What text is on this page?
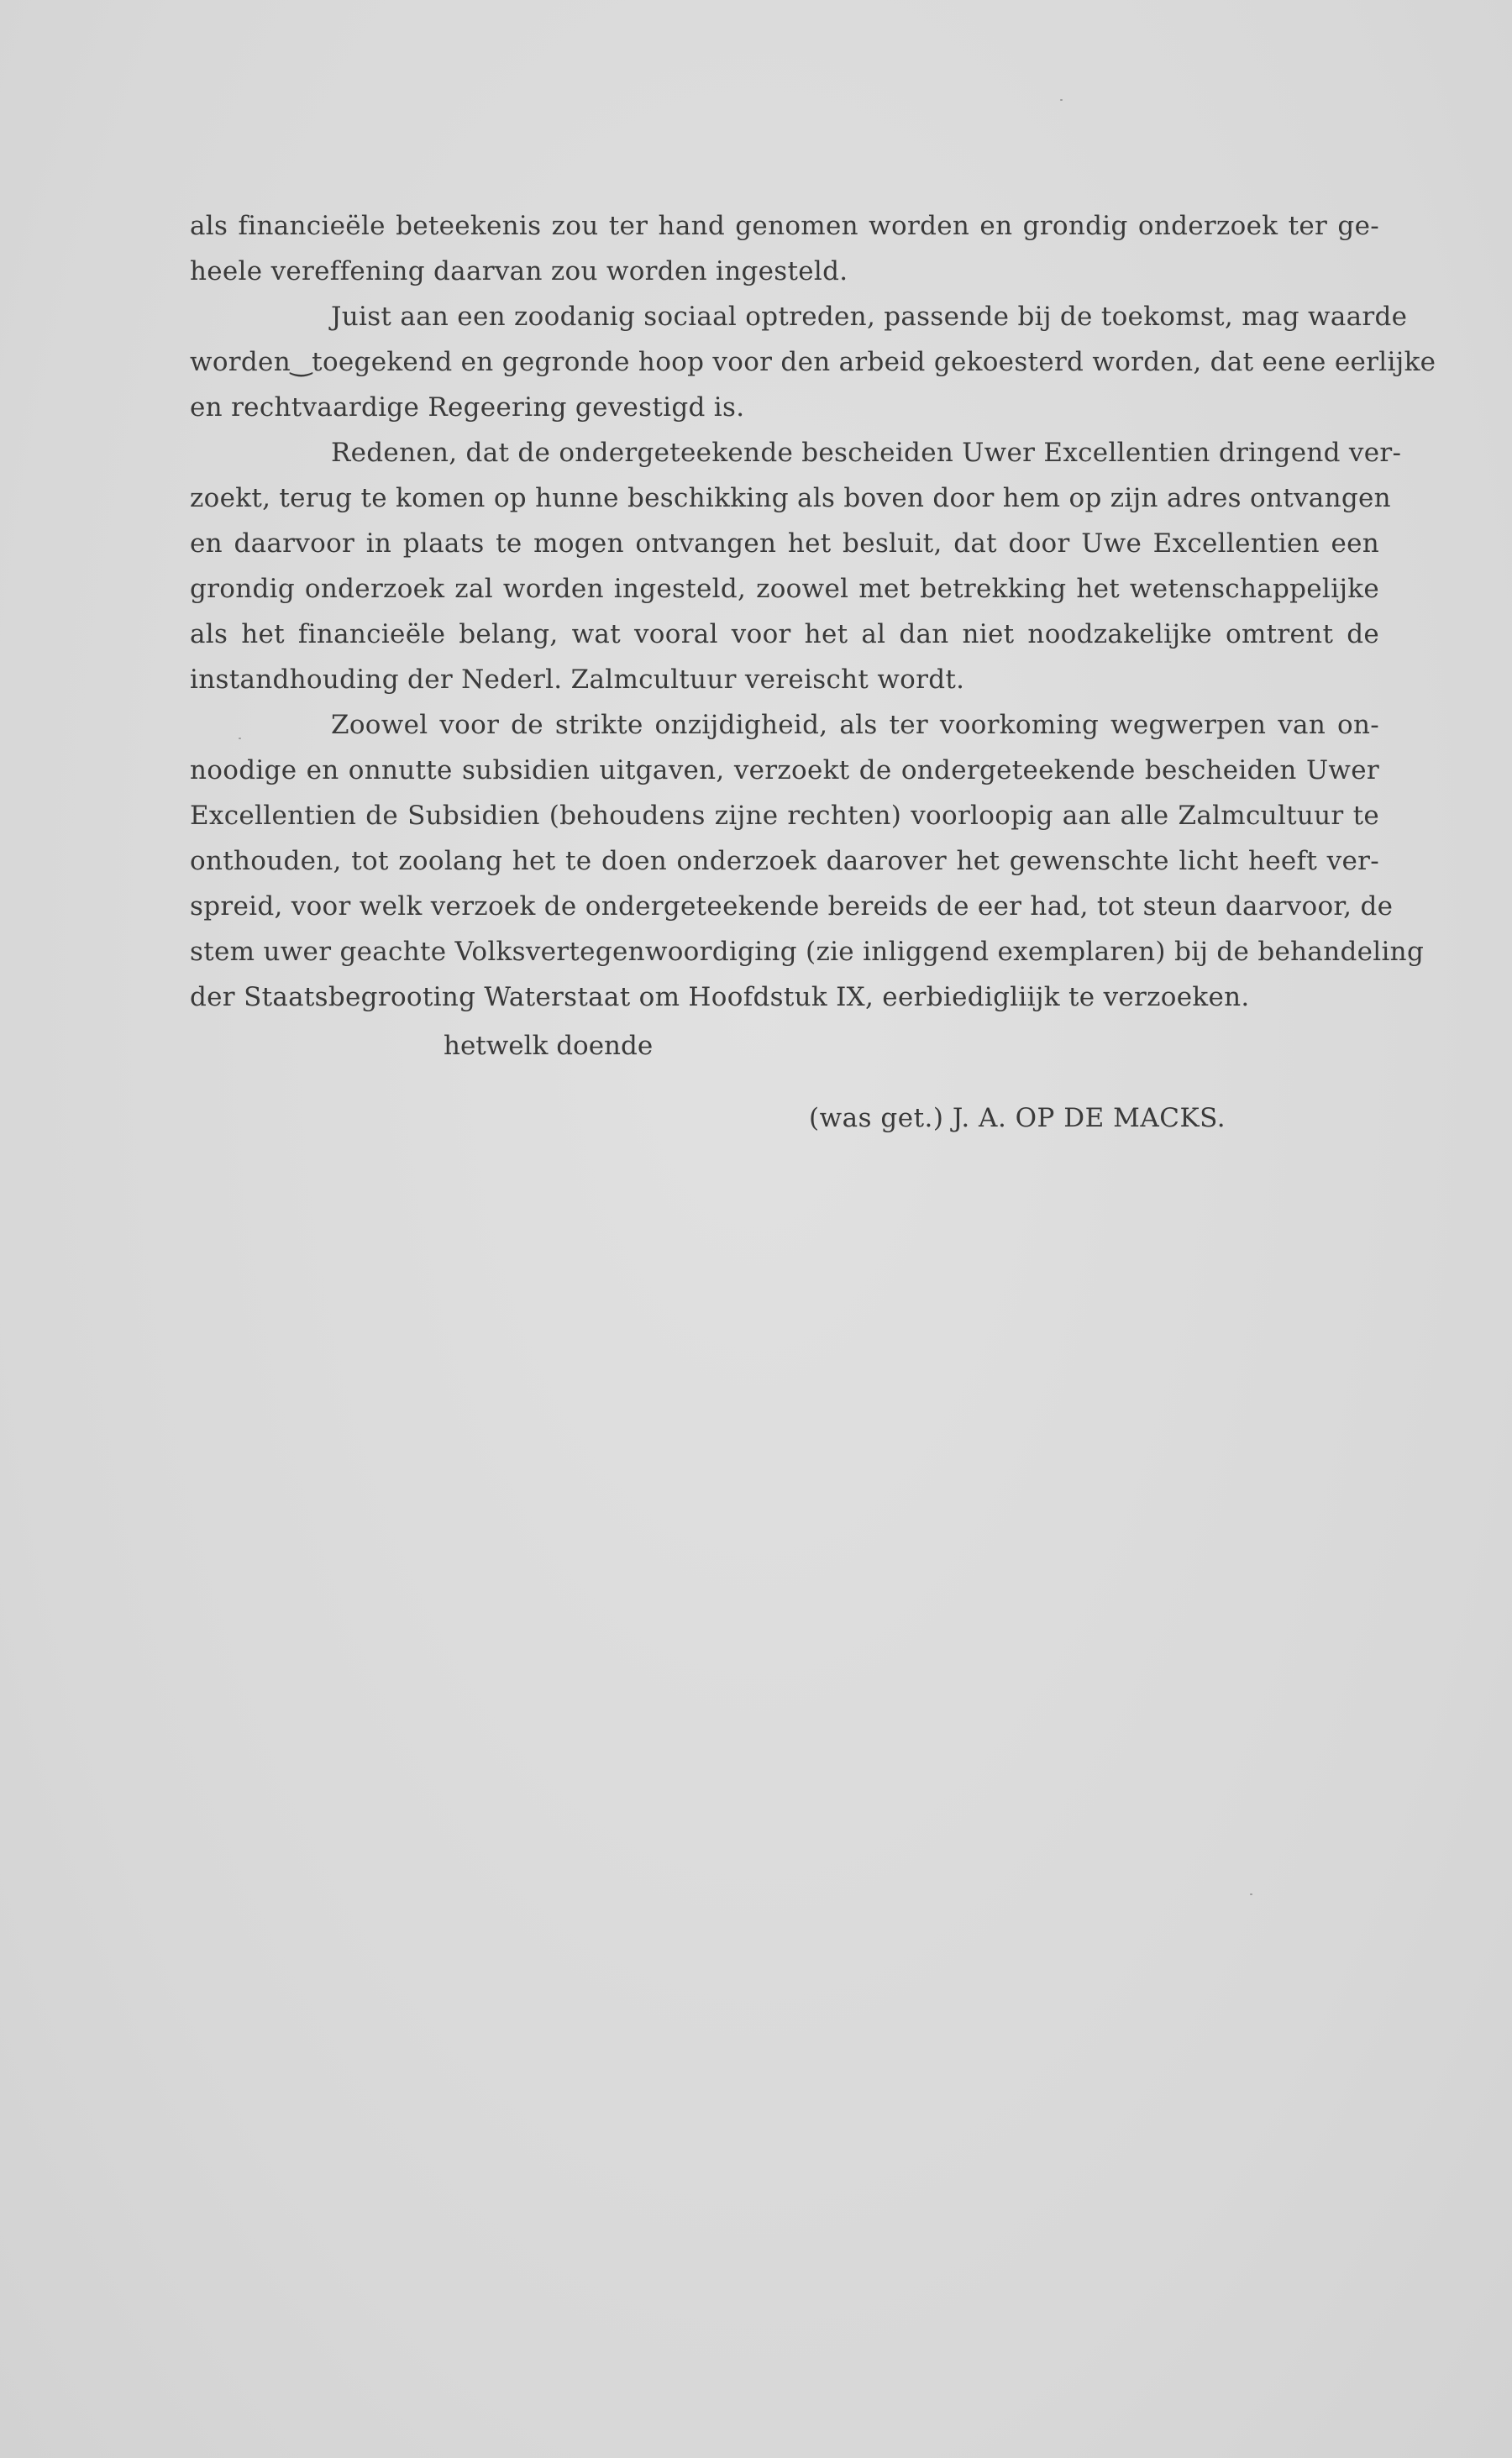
als financieële beteekenis zou ter hand genomen worden en grondig onderzoek ter ge-
heele vereffening daarvan zou worden ingesteld.
Juist aan een zoodanig sociaal optreden, passende bij de toekomst, mag waarde
worden‿toegekend en gegronde hoop voor den arbeid gekoesterd worden, dat eene eerlijke
en rechtvaardige Regeering gevestigd is.
Redenen, dat de ondergeteekende bescheiden Uwer Excellentien dringend ver-
zoekt, terug te komen op hunne beschikking als boven door hem op zijn adres ontvangen
en daarvoor in plaats te mogen ontvangen het besluit, dat door Uwe Excellentien een
grondig onderzoek zal worden ingesteld, zoowel met betrekking het wetenschappelijke
als het financieële belang, wat vooral voor het al dan niet noodzakelijke omtrent de
instandhouding der Nederl. Zalmcultuur vereischt wordt.
Zoowel voor de strikte onzijdigheid, als ter voorkoming wegwerpen van on-
noodige en onnutte subsidien uitgaven, verzoekt de ondergeteekende bescheiden Uwer
Excellentien de Subsidien (behoudens zijne rechten) voorloopig aan alle Zalmcultuur te
onthouden, tot zoolang het te doen onderzoek daarover het gewenschte licht heeft ver-
spreid, voor welk verzoek de ondergeteekende bereids de eer had, tot steun daarvoor, de
stem uwer geachte Volksvertegenwoordiging (zie inliggend exemplaren) bij de behandeling
der Staatsbegrooting Waterstaat om Hoofdstuk IX, eerbiedigliijk te verzoeken.
hetwelk doende
(was get.) J. A. OP DE MACKS.
